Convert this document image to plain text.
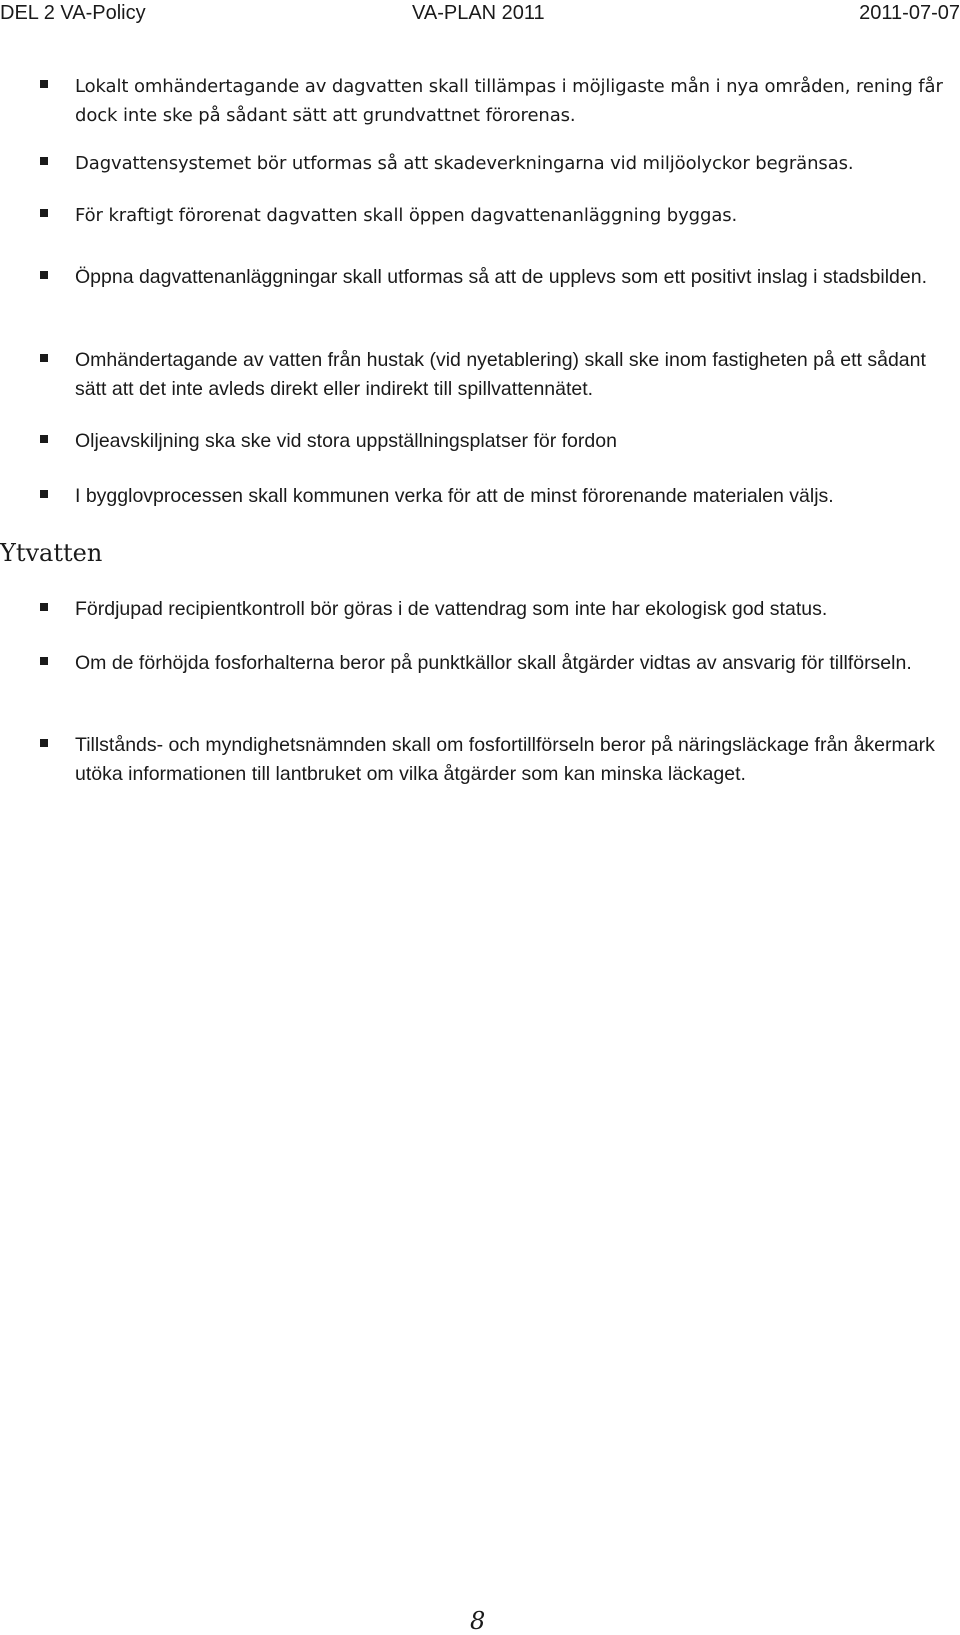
DEL 2 VA-Policy	VA-PLAN 2011	2011-07-07
Lokalt omhändertagande av dagvatten skall tillämpas i möjligaste mån i nya områden, rening får dock inte ske på sådant sätt att grundvattnet förorenas.
Dagvattensystemet bör utformas så att skadeverkningarna vid miljöolyckor begränsas.
För kraftigt förorenat dagvatten skall öppen dagvattenanläggning byggas.
Öppna dagvattenanläggningar skall utformas så att de upplevs som ett positivt inslag i stadsbilden.
Omhändertagande av vatten från hustak (vid nyetablering) skall ske inom fastigheten på ett sådant sätt att det inte avleds direkt eller indirekt till spillvattennätet.
Oljeavskiljning ska ske vid stora uppställningsplatser för fordon
I bygglovprocessen skall kommunen verka för att de minst förorenande materialen väljs.
Ytvatten
Fördjupad recipientkontroll bör göras i de vattendrag som inte har ekologisk god status.
Om de förhöjda fosforhalterna beror på punktkällor skall åtgärder vidtas av ansvarig för tillförseln.
Tillstånds- och myndighetsnämnden skall om fosfortillförseln beror på näringsläckage från åkermark utöka informationen till lantbruket om vilka åtgärder som kan minska läckaget.
8
